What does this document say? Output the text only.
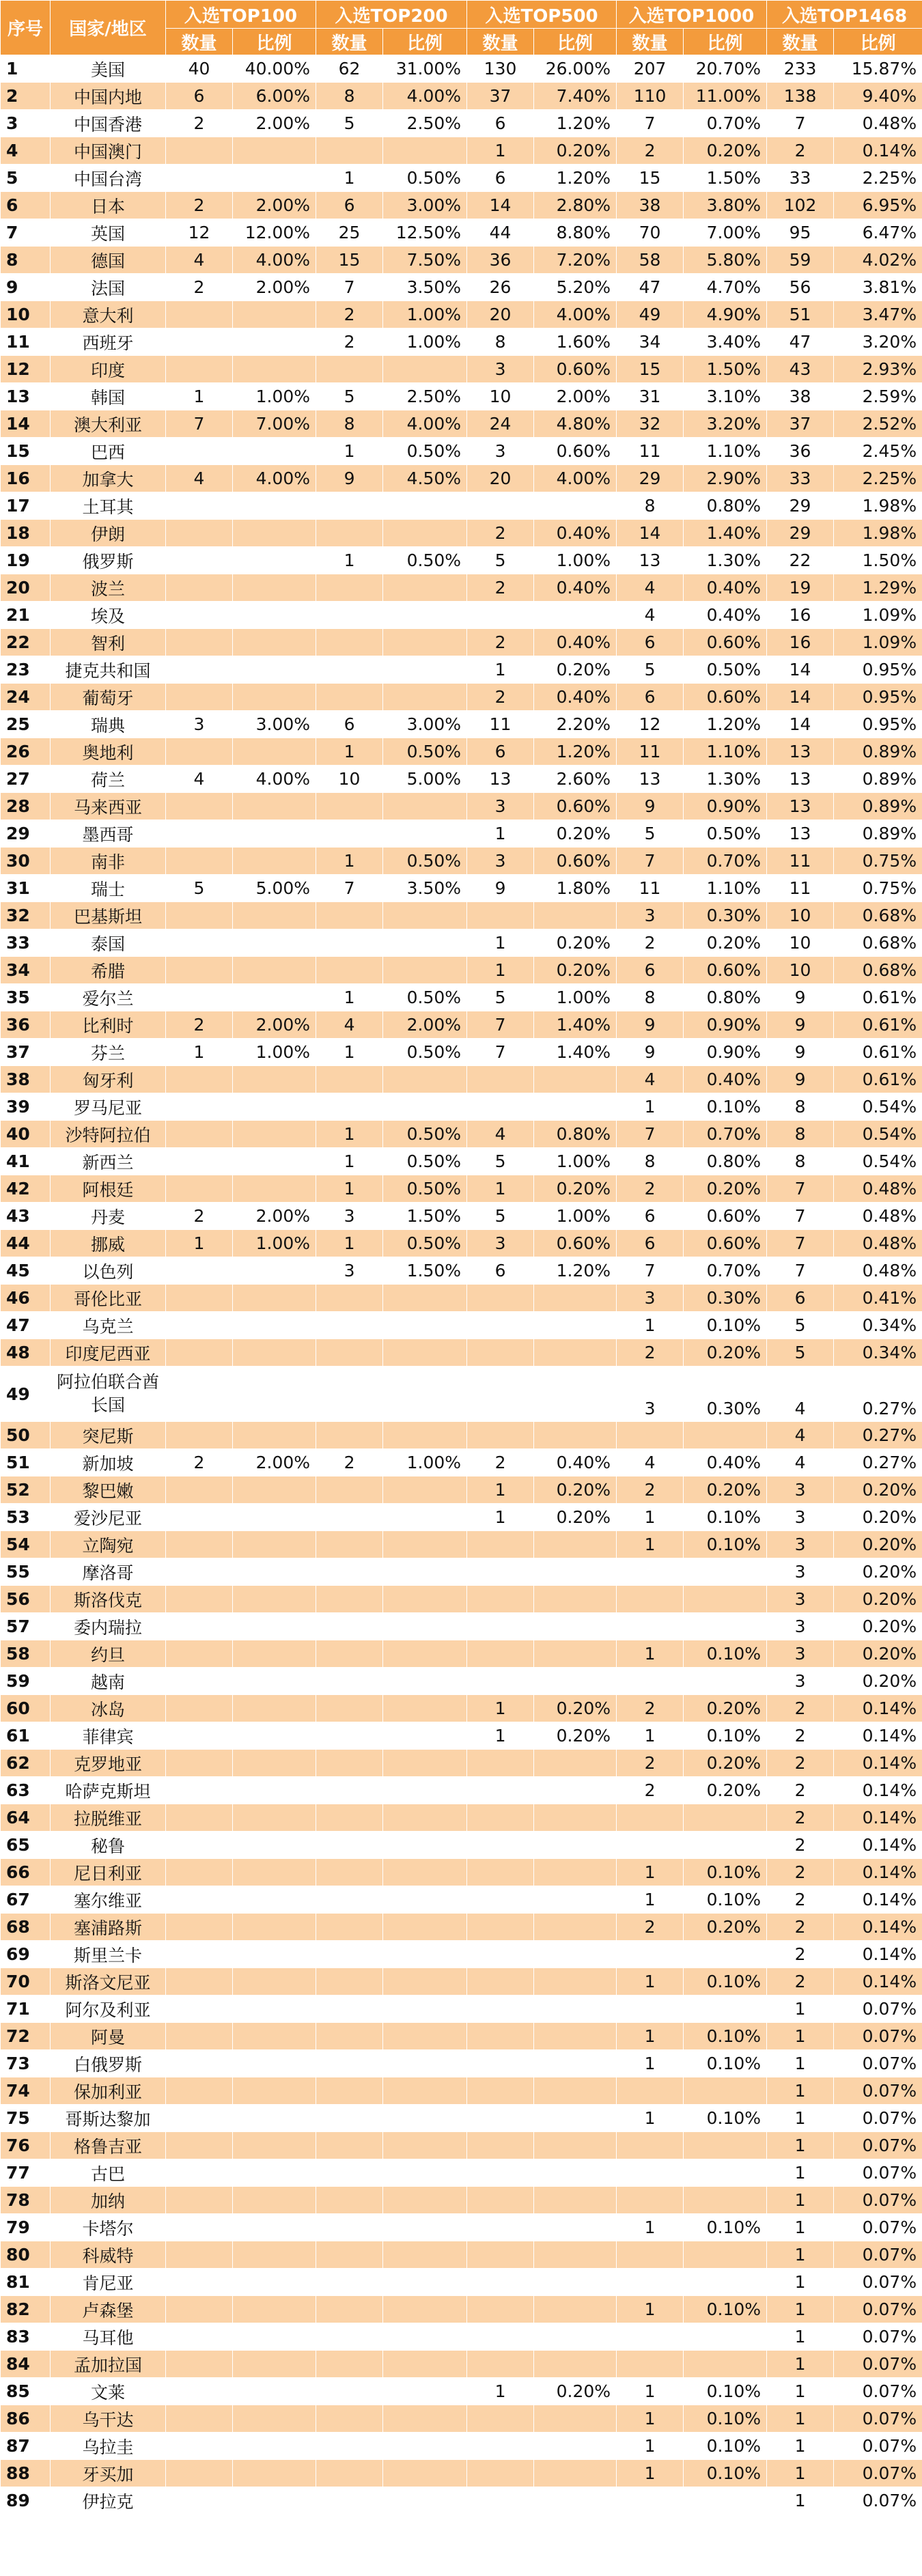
序号	国家/地区	入选TOP100		入选TOP200		入选TOP500		入选TOP1000		入选TOP1468	
		数量	比例	数量	比例	数量	比例	数量	比例	数量	比例
1	美国	40	40.00%	62	31.00%	130	26.00%	207	20.70%	233	15.87%
2	中国内地	6	6.00%	8	4.00%	37	7.40%	110	11.00%	138	9.40%
3	中国香港	2	2.00%	5	2.50%	6	1.20%	7	0.70%	7	0.48%
4	中国澳门					1	0.20%	2	0.20%	2	0.14%
5	中国台湾			1	0.50%	6	1.20%	15	1.50%	33	2.25%
6	日本	2	2.00%	6	3.00%	14	2.80%	38	3.80%	102	6.95%
7	英国	12	12.00%	25	12.50%	44	8.80%	70	7.00%	95	6.47%
8	德国	4	4.00%	15	7.50%	36	7.20%	58	5.80%	59	4.02%
9	法国	2	2.00%	7	3.50%	26	5.20%	47	4.70%	56	3.81%
10	意大利			2	1.00%	20	4.00%	49	4.90%	51	3.47%
11	西班牙			2	1.00%	8	1.60%	34	3.40%	47	3.20%
12	印度					3	0.60%	15	1.50%	43	2.93%
13	韩国	1	1.00%	5	2.50%	10	2.00%	31	3.10%	38	2.59%
14	澳大利亚	7	7.00%	8	4.00%	24	4.80%	32	3.20%	37	2.52%
15	巴西			1	0.50%	3	0.60%	11	1.10%	36	2.45%
16	加拿大	4	4.00%	9	4.50%	20	4.00%	29	2.90%	33	2.25%
17	土耳其							8	0.80%	29	1.98%
18	伊朗					2	0.40%	14	1.40%	29	1.98%
19	俄罗斯			1	0.50%	5	1.00%	13	1.30%	22	1.50%
20	波兰					2	0.40%	4	0.40%	19	1.29%
21	埃及							4	0.40%	16	1.09%
22	智利					2	0.40%	6	0.60%	16	1.09%
23	捷克共和国					1	0.20%	5	0.50%	14	0.95%
24	葡萄牙					2	0.40%	6	0.60%	14	0.95%
25	瑞典	3	3.00%	6	3.00%	11	2.20%	12	1.20%	14	0.95%
26	奥地利			1	0.50%	6	1.20%	11	1.10%	13	0.89%
27	荷兰	4	4.00%	10	5.00%	13	2.60%	13	1.30%	13	0.89%
28	马来西亚					3	0.60%	9	0.90%	13	0.89%
29	墨西哥					1	0.20%	5	0.50%	13	0.89%
30	南非			1	0.50%	3	0.60%	7	0.70%	11	0.75%
31	瑞士	5	5.00%	7	3.50%	9	1.80%	11	1.10%	11	0.75%
32	巴基斯坦							3	0.30%	10	0.68%
33	泰国					1	0.20%	2	0.20%	10	0.68%
34	希腊					1	0.20%	6	0.60%	10	0.68%
35	爱尔兰			1	0.50%	5	1.00%	8	0.80%	9	0.61%
36	比利时	2	2.00%	4	2.00%	7	1.40%	9	0.90%	9	0.61%
37	芬兰	1	1.00%	1	0.50%	7	1.40%	9	0.90%	9	0.61%
38	匈牙利							4	0.40%	9	0.61%
39	罗马尼亚							1	0.10%	8	0.54%
40	沙特阿拉伯			1	0.50%	4	0.80%	7	0.70%	8	0.54%
41	新西兰			1	0.50%	5	1.00%	8	0.80%	8	0.54%
42	阿根廷			1	0.50%	1	0.20%	2	0.20%	7	0.48%
43	丹麦	2	2.00%	3	1.50%	5	1.00%	6	0.60%	7	0.48%
44	挪威	1	1.00%	1	0.50%	3	0.60%	6	0.60%	7	0.48%
45	以色列			3	1.50%	6	1.20%	7	0.70%	7	0.48%
46	哥伦比亚							3	0.30%	6	0.41%
47	乌克兰							1	0.10%	5	0.34%
48	印度尼西亚							2	0.20%	5	0.34%
49	阿拉伯联合酋长国							3	0.30%	4	0.27%
50	突尼斯									4	0.27%
51	新加坡	2	2.00%	2	1.00%	2	0.40%	4	0.40%	4	0.27%
52	黎巴嫩					1	0.20%	2	0.20%	3	0.20%
53	爱沙尼亚					1	0.20%	1	0.10%	3	0.20%
54	立陶宛							1	0.10%	3	0.20%
55	摩洛哥									3	0.20%
56	斯洛伐克									3	0.20%
57	委内瑞拉									3	0.20%
58	约旦							1	0.10%	3	0.20%
59	越南									3	0.20%
60	冰岛					1	0.20%	2	0.20%	2	0.14%
61	菲律宾					1	0.20%	1	0.10%	2	0.14%
62	克罗地亚							2	0.20%	2	0.14%
63	哈萨克斯坦							2	0.20%	2	0.14%
64	拉脱维亚									2	0.14%
65	秘鲁									2	0.14%
66	尼日利亚							1	0.10%	2	0.14%
67	塞尔维亚							1	0.10%	2	0.14%
68	塞浦路斯							2	0.20%	2	0.14%
69	斯里兰卡									2	0.14%
70	斯洛文尼亚							1	0.10%	2	0.14%
71	阿尔及利亚									1	0.07%
72	阿曼							1	0.10%	1	0.07%
73	白俄罗斯							1	0.10%	1	0.07%
74	保加利亚									1	0.07%
75	哥斯达黎加							1	0.10%	1	0.07%
76	格鲁吉亚									1	0.07%
77	古巴									1	0.07%
78	加纳									1	0.07%
79	卡塔尔							1	0.10%	1	0.07%
80	科威特									1	0.07%
81	肯尼亚									1	0.07%
82	卢森堡							1	0.10%	1	0.07%
83	马耳他									1	0.07%
84	孟加拉国									1	0.07%
85	文莱					1	0.20%	1	0.10%	1	0.07%
86	乌干达							1	0.10%	1	0.07%
87	乌拉圭							1	0.10%	1	0.07%
88	牙买加							1	0.10%	1	0.07%
89	伊拉克									1	0.07%
